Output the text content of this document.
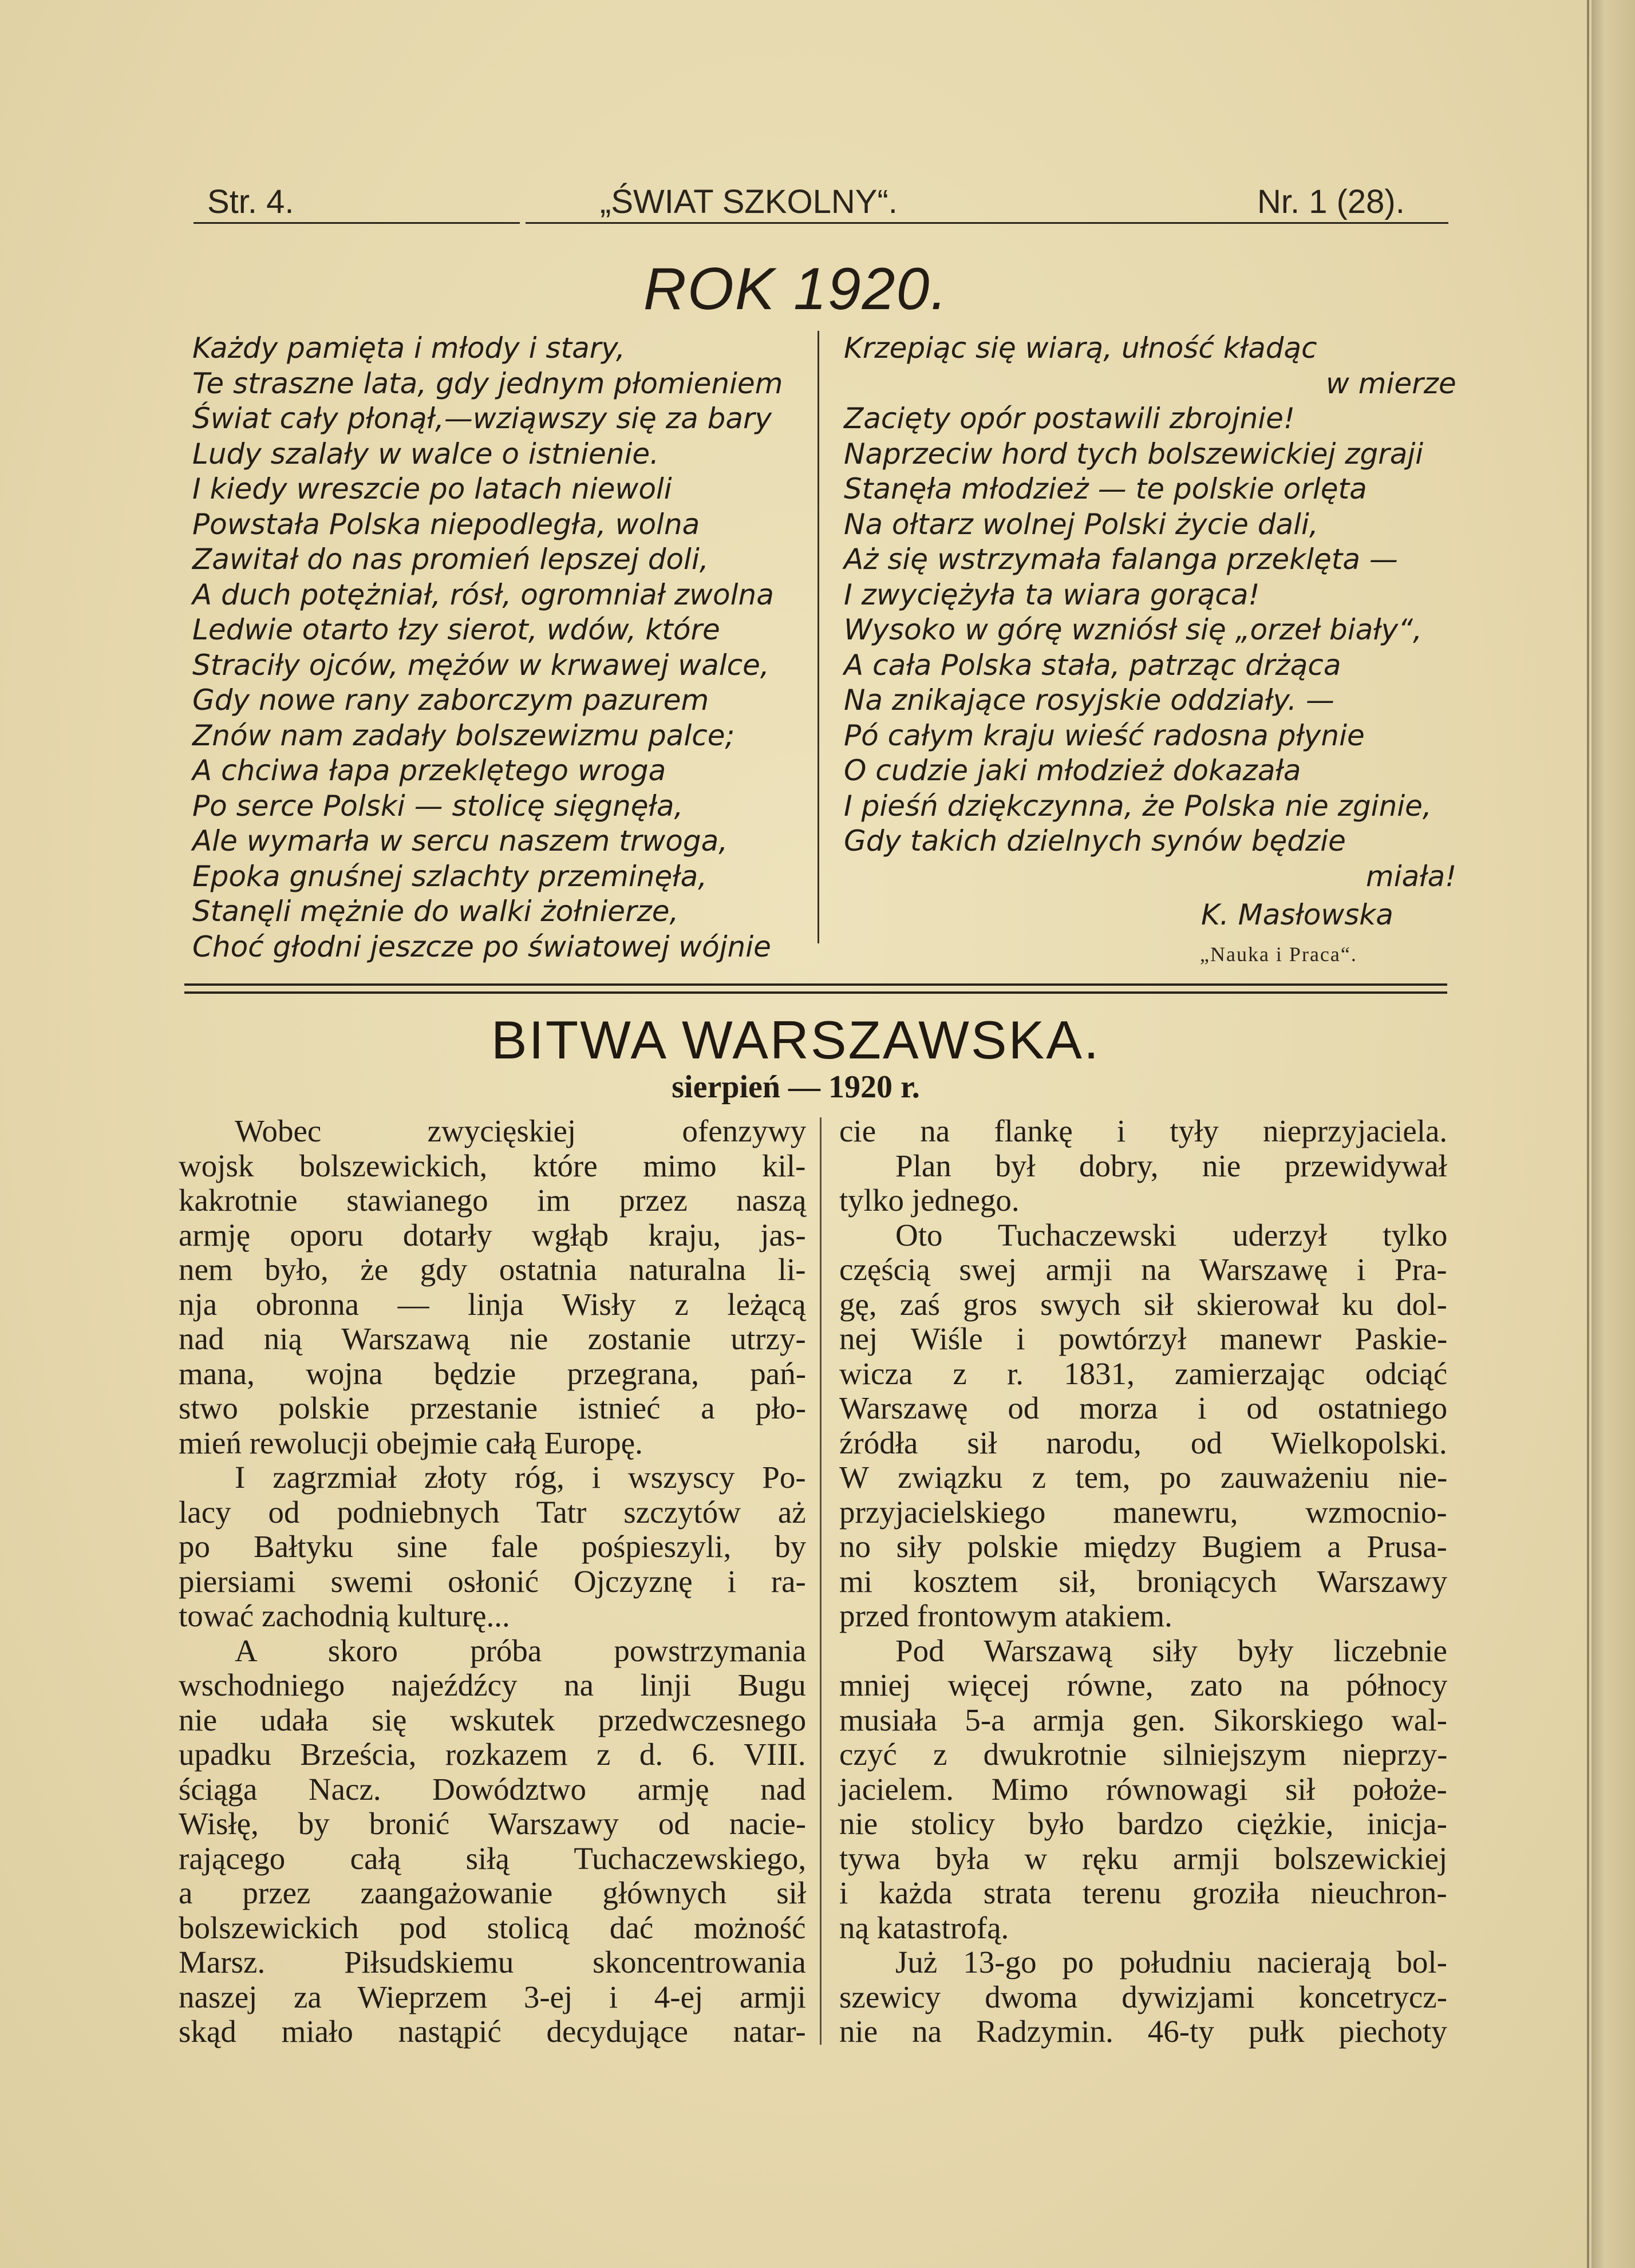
Str. 4.	„ŚWIAT SZKOLNY“.	Nr. 1 (28).
ROK 1920.
Każdy pamięta i młody i stary,
Te straszne lata, gdy jednym płomieniem
Świat cały płonął,—wziąwszy się za bary
Ludy szalały w walce o istnienie.
I kiedy wreszcie po latach niewoli
Powstała Polska niepodległa, wolna
Zawitał do nas promień lepszej doli,
A duch potężniał, rósł, ogromniał zwolna
Ledwie otarto łzy sierot, wdów, które
Straciły ojców, mężów w krwawej walce,
Gdy nowe rany zaborczym pazurem
Znów nam zadały bolszewizmu palce;
A chciwa łapa przeklętego wroga
Po serce Polski — stolicę sięgnęła,
Ale wymarła w sercu naszem trwoga,
Epoka gnuśnej szlachty przeminęła,
Stanęli mężnie do walki żołnierze,
Choć głodni jeszcze po światowej wójnie
Krzepiąc się wiarą, ułność kładąc
w mierze
Zacięty opór postawili zbrojnie!
Naprzeciw hord tych bolszewickiej zgraji
Stanęła młodzież — te polskie orlęta
Na ołtarz wolnej Polski życie dali,
Aż się wstrzymała falanga przeklęta —
I zwyciężyła ta wiara gorąca!
Wysoko w górę wzniósł się „orzeł biały“,
A cała Polska stała, patrząc drżąca
Na znikające rosyjskie oddziały. —
Pó całym kraju wieść radosna płynie
O cudzie jaki młodzież dokazała
I pieśń dziękczynna, że Polska nie zginie,
Gdy takich dzielnych synów będzie
miała!
K. Masłowska
„Nauka i Praca“.
BITWA WARSZAWSKA.
sierpień — 1920 r.
Wobec zwycięskiej ofenzywy
wojsk bolszewickich, które mimo kil-
kakrotnie stawianego im przez naszą
armję oporu dotarły wgłąb kraju, jas-
nem było, że gdy ostatnia naturalna li-
nja obronna — linja Wisły z leżącą
nad nią Warszawą nie zostanie utrzy-
mana, wojna będzie przegrana, pań-
stwo polskie przestanie istnieć a pło-
mień rewolucji obejmie całą Europę.
I zagrzmiał złoty róg, i wszyscy Po-
lacy od podniebnych Tatr szczytów aż
po Bałtyku sine fale pośpieszyli, by
piersiami swemi osłonić Ojczyznę i ra-
tować zachodnią kulturę...
A skoro próba powstrzymania
wschodniego najeźdźcy na linji Bugu
nie udała się wskutek przedwczesnego
upadku Brześcia, rozkazem z d. 6. VIII.
ściąga Nacz. Dowództwo armję nad
Wisłę, by bronić Warszawy od nacie-
rającego całą siłą Tuchaczewskiego,
a przez zaangażowanie głównych sił
bolszewickich pod stolicą dać możność
Marsz. Piłsudskiemu skoncentrowania
naszej za Wieprzem 3-ej i 4-ej armji
skąd miało nastąpić decydujące natar-
cie na flankę i tyły nieprzyjaciela.
Plan był dobry, nie przewidywał
tylko jednego.
Oto Tuchaczewski uderzył tylko
częścią swej armji na Warszawę i Pra-
gę, zaś gros swych sił skierował ku dol-
nej Wiśle i powtórzył manewr Paskie-
wicza z r. 1831, zamierzając odciąć
Warszawę od morza i od ostatniego
źródła sił narodu, od Wielkopolski.
W związku z tem, po zauważeniu nie-
przyjacielskiego manewru, wzmocnio-
no siły polskie między Bugiem a Prusa-
mi kosztem sił, broniących Warszawy
przed frontowym atakiem.
Pod Warszawą siły były liczebnie
mniej więcej równe, zato na północy
musiała 5-a armja gen. Sikorskiego wal-
czyć z dwukrotnie silniejszym nieprzy-
jacielem. Mimo równowagi sił położe-
nie stolicy było bardzo ciężkie, inicja-
tywa była w ręku armji bolszewickiej
i każda strata terenu groziła nieuchron-
ną katastrofą.
Już 13-go po południu nacierają bol-
szewicy dwoma dywizjami koncetrycz-
nie na Radzymin. 46-ty pułk piechoty
